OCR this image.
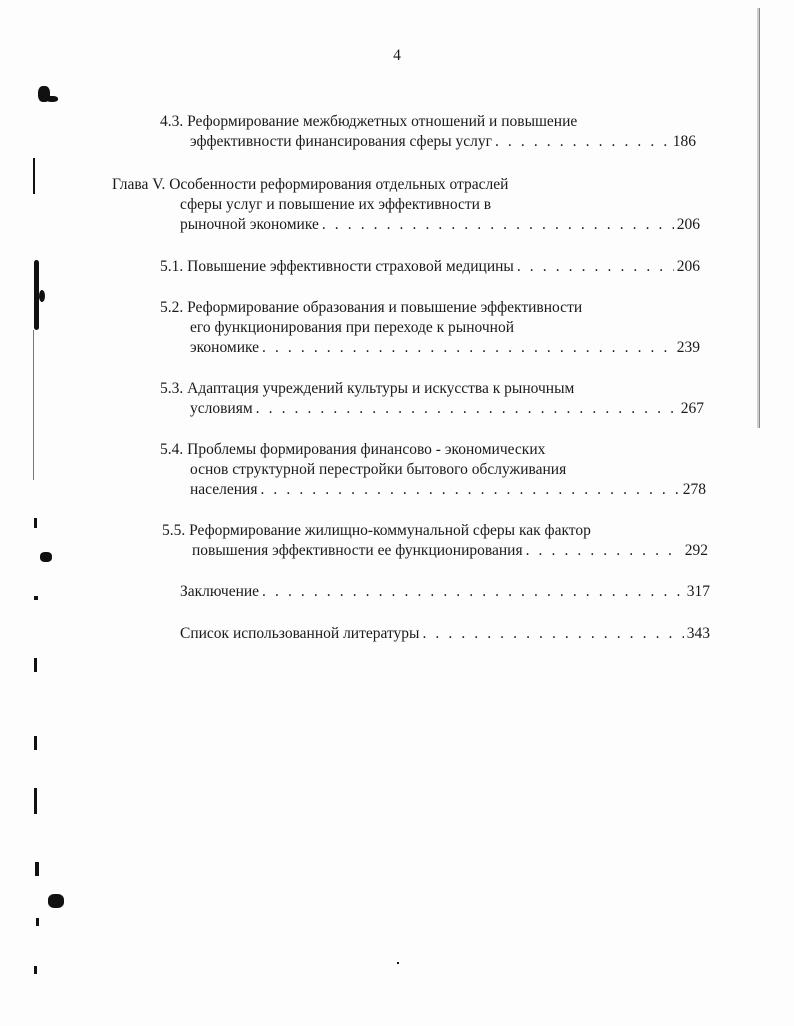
4
4.3. Реформирование межбюджетных отношений и повышение
эффективности финансирования сферы услуг . . .	186
Глава V. Особенности реформирования отдельных отраслей
сферы услуг и повышение их эффективности в
рыночной экономике . . .	206
5.1. Повышение эффективности страховой медицины . . .	206
5.2. Реформирование образования и повышение эффективности
его функционирования при переходе к рыночной
экономике . . .	239
5.3. Адаптация учреждений культуры и искусства к рыночным
условиям . . .	267
5.4. Проблемы формирования финансово - экономических
основ структурной перестройки бытового обслуживания
населения . . .	278
5.5. Реформирование жилищно-коммунальной сферы как фактор
повышения эффективности ее функционирования . . .	292
Заключение . . .	317
Список использованной литературы . . .	343
